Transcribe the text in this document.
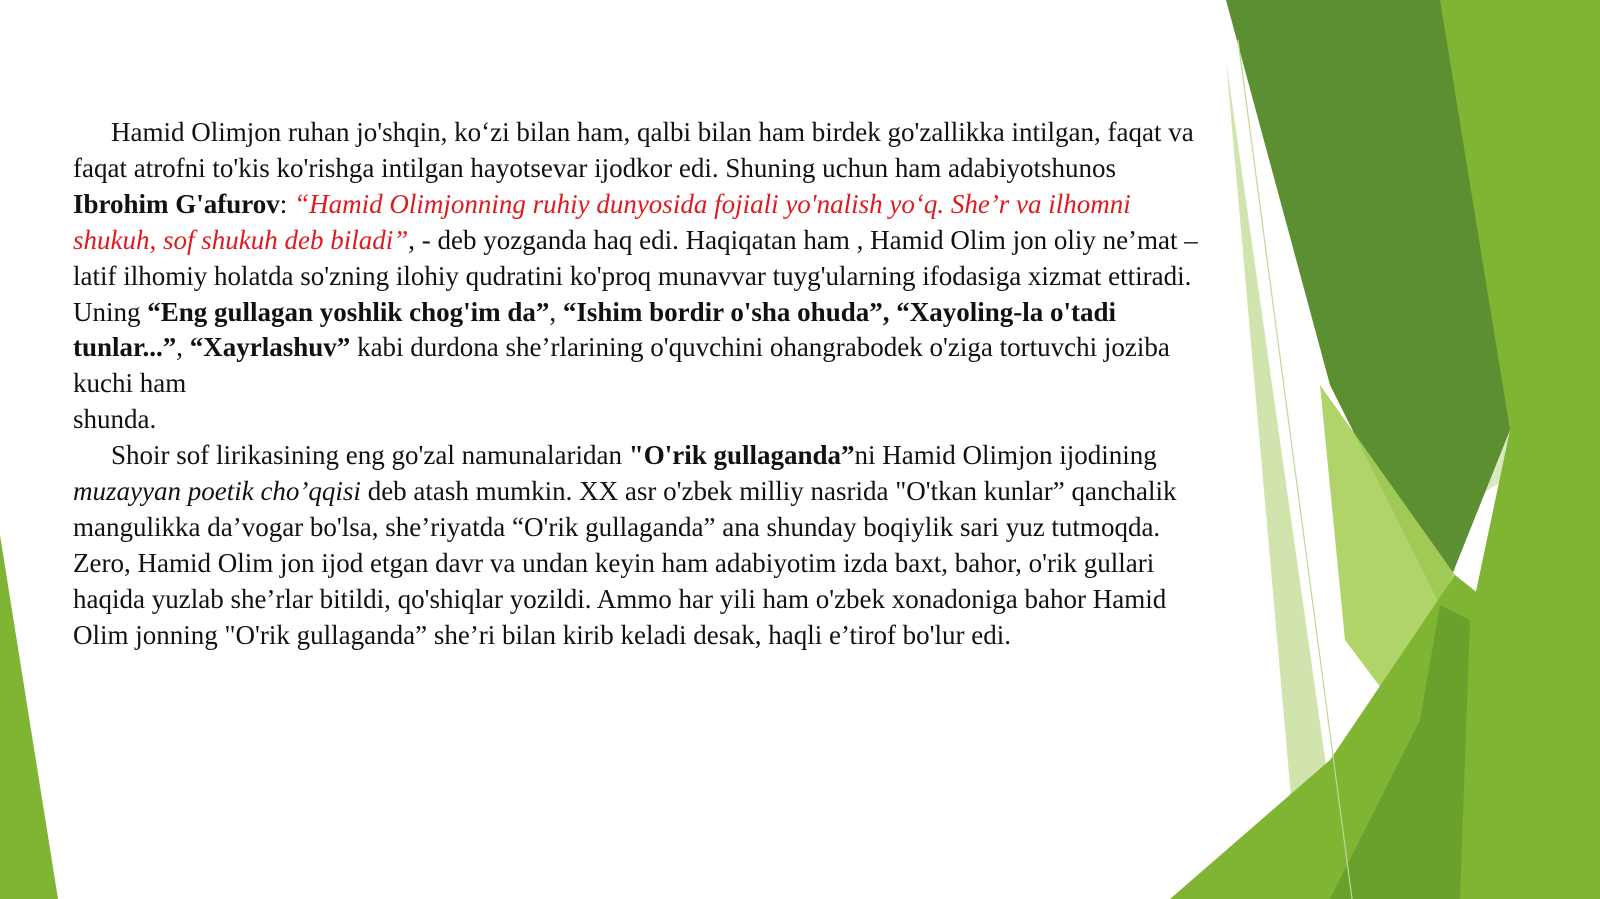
Hamid Olimjon ruhan jo'shqin, ko‘zi bilan ham, qalbi bilan ham birdek go'zallikka intilgan, faqat va faqat atrofni to'kis ko'rishga intilgan hayotsevar ijodkor edi. Shuning uchun ham adabiyotshunos Ibrohim G'afurov: “Hamid Olimjonning ruhiy dunyosida fojiali yo'nalish yo‘q. She’r va ilhomni shukuh, sof shukuh deb biladi”, - deb yozganda haq edi. Haqiqatan ham , Hamid Olim jon oliy ne’mat – latif ilhomiy holatda so'zning ilohiy qudratini ko'proq munavvar tuyg'ularning ifodasiga xizmat ettiradi. Uning “Eng gullagan yoshlik chog'im da”, “Ishim bordir o'sha ohuda”, “Xayoling-la o'tadi tunlar...”, “Xayrlashuv” kabi durdona she’rlarining o'quvchini ohangrabodek o'ziga tortuvchi joziba kuchi ham
shunda.

Shoir sof lirikasining eng go'zal namunalaridan "O'rik gullaganda”ni Hamid Olimjon ijodining muzayyan poetik cho’qqisi deb atash mumkin. XX asr o'zbek milliy nasrida "O'tkan kunlar” qanchalik mangulikka da’vogar bo'lsa, she’riyatda “O'rik gullaganda” ana shunday boqiylik sari yuz tutmoqda. Zero, Hamid Olim jon ijod etgan davr va undan keyin ham adabiyotim izda baxt, bahor, o'rik gullari haqida yuzlab she’rlar bitildi, qo'shiqlar yozildi. Ammo har yili ham o'zbek xonadoniga bahor Hamid Olim jonning "O'rik gullaganda” she’ri bilan kirib keladi desak, haqli e’tirof bo'lur edi.
